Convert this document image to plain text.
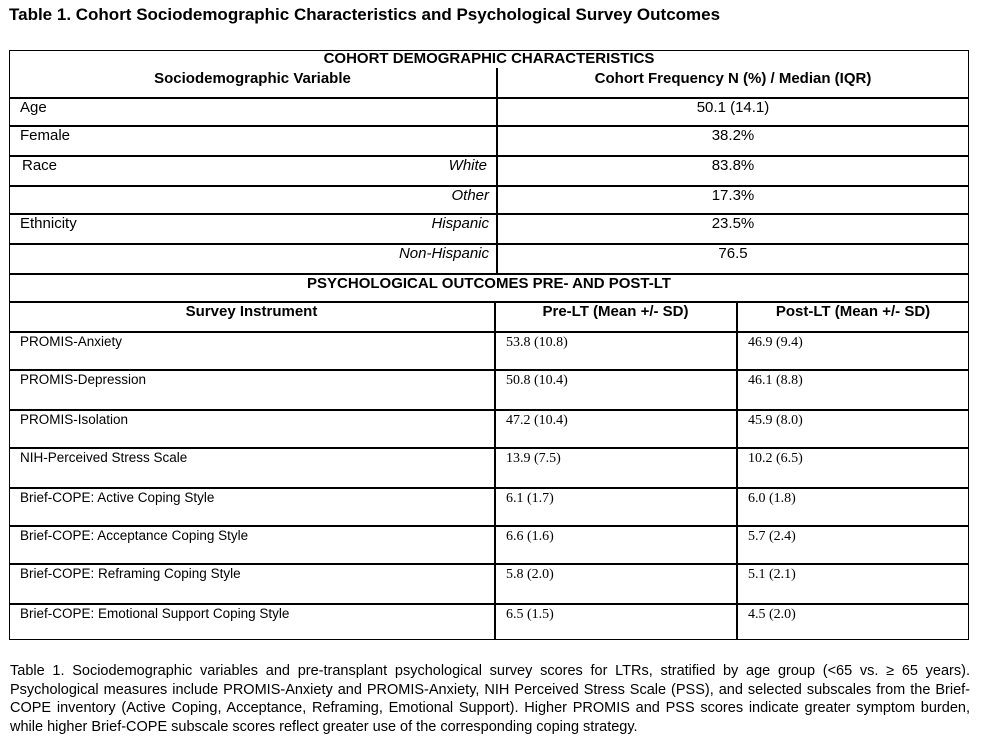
Table 1. Cohort Sociodemographic Characteristics and Psychological Survey Outcomes
COHORT DEMOGRAPHIC CHARACTERISTICS
Sociodemographic Variable	Cohort Frequency N (%) / Median (IQR)
Age	50.1 (14.1)
Female	38.2%
Race	White	83.8%
Other	17.3%
Ethnicity	Hispanic	23.5%
Non-Hispanic	76.5
PSYCHOLOGICAL OUTCOMES PRE- AND POST-LT
Survey Instrument	Pre-LT (Mean +/- SD)	Post-LT (Mean +/- SD)
PROMIS-Anxiety	53.8 (10.8)	46.9 (9.4)
PROMIS-Depression	50.8 (10.4)	46.1 (8.8)
PROMIS-Isolation	47.2 (10.4)	45.9 (8.0)
NIH-Perceived Stress Scale	13.9 (7.5)	10.2 (6.5)
Brief-COPE: Active Coping Style	6.1 (1.7)	6.0 (1.8)
Brief-COPE: Acceptance Coping Style	6.6 (1.6)	5.7 (2.4)
Brief-COPE: Reframing Coping Style	5.8 (2.0)	5.1 (2.1)
Brief-COPE: Emotional Support Coping Style	6.5 (1.5)	4.5 (2.0)
Table 1. Sociodemographic variables and pre-transplant psychological survey scores for LTRs, stratified by age group (<65 vs. ≥ 65 years). Psychological measures include PROMIS-Anxiety and PROMIS-Anxiety, NIH Perceived Stress Scale (PSS), and selected subscales from the Brief-COPE inventory (Active Coping, Acceptance, Reframing, Emotional Support). Higher PROMIS and PSS scores indicate greater symptom burden, while higher Brief-COPE subscale scores reflect greater use of the corresponding coping strategy.
